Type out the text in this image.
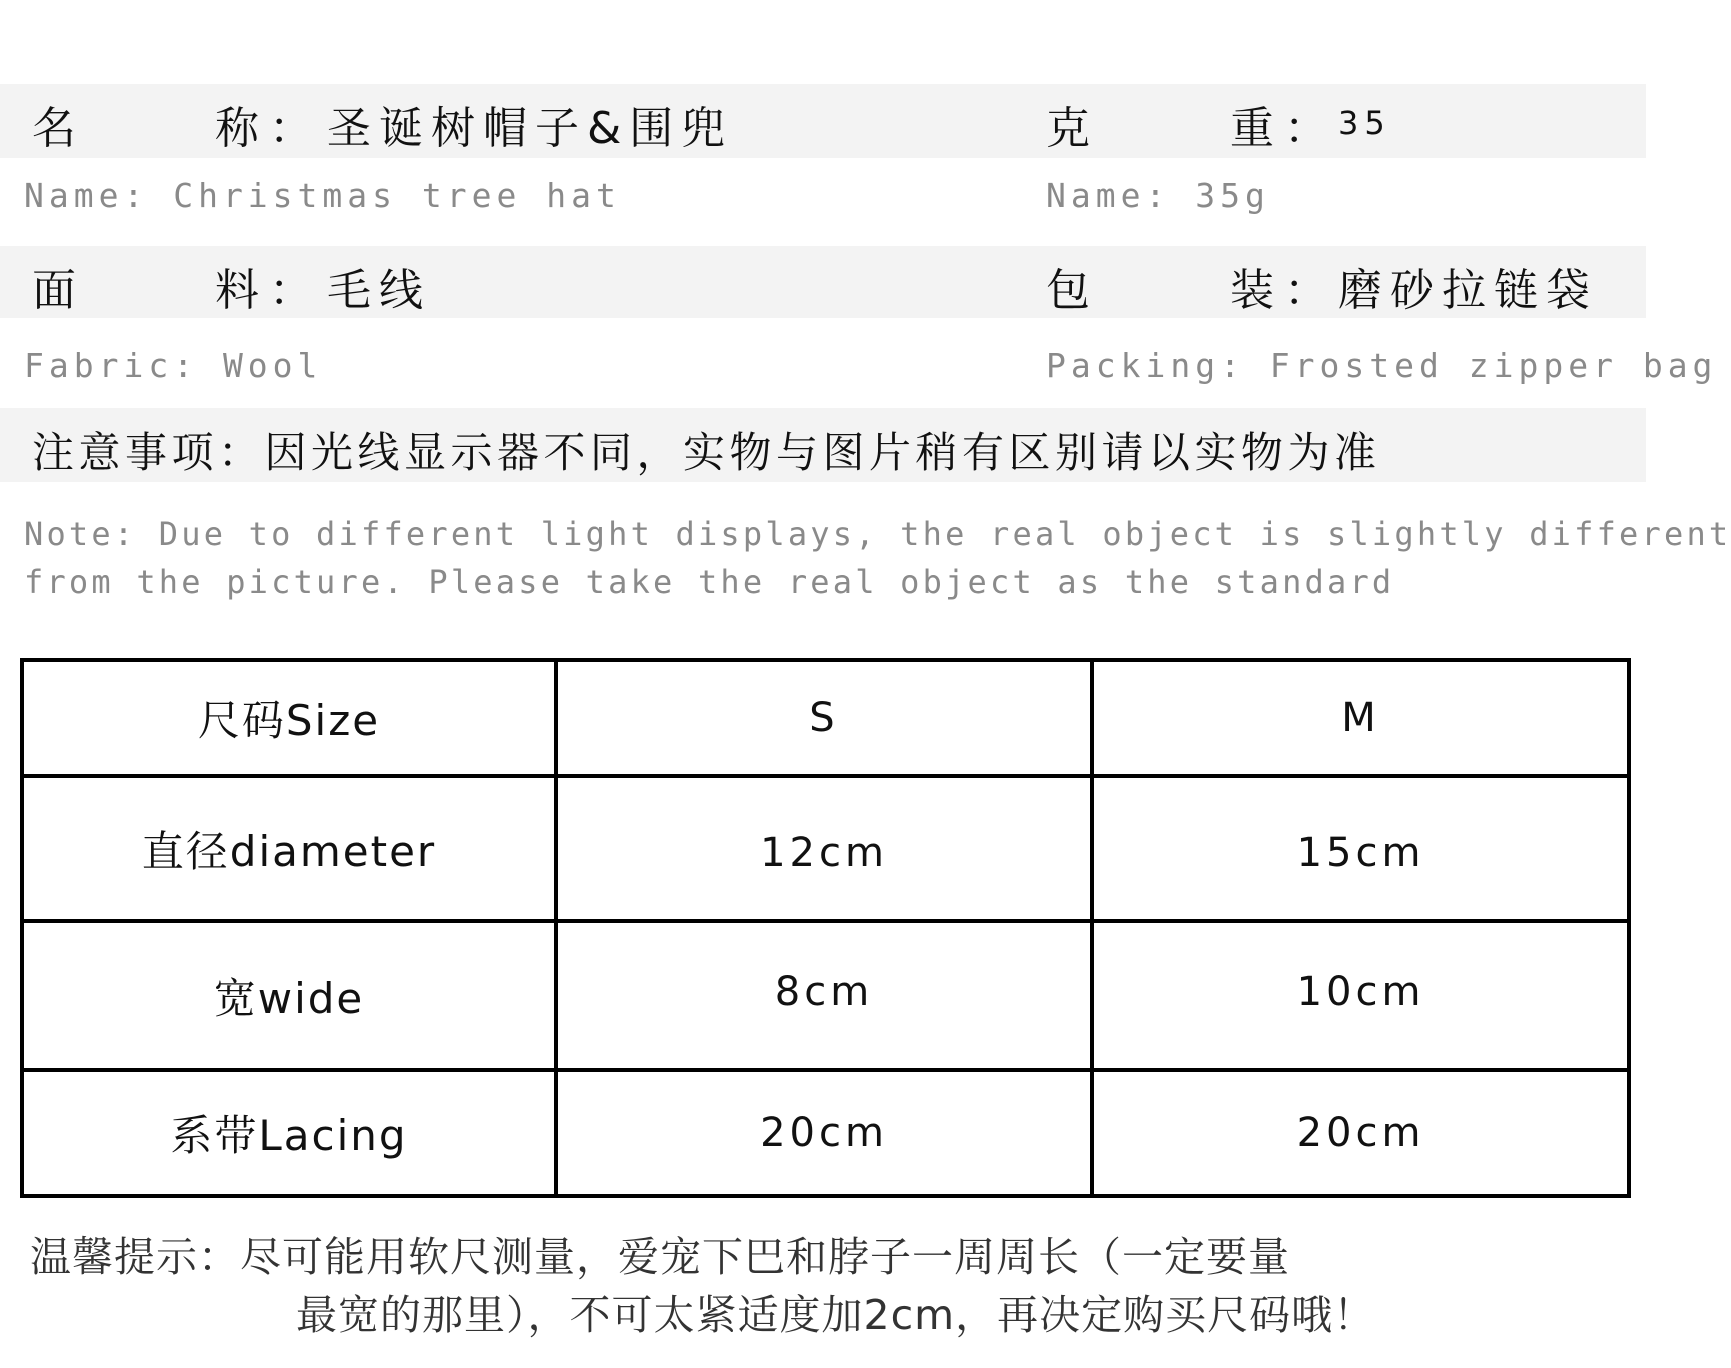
名	称： 圣诞树帽子&围兜	克	重： 35
Name: Christmas tree hat	Name: 35g
面	料： 毛线	包	装： 磨砂拉链袋
Fabric: Wool	Packing: Frosted zipper bag
注意事项：因光线显示器不同，实物与图片稍有区别请以实物为准
Note: Due to different light displays, the real object is slightly different
from the picture. Please take the real object as the standard
尺码Size	S	M
直径diameter	12cm	15cm
宽wide	8cm	10cm
系带Lacing	20cm	20cm
温馨提示：尽可能用软尺测量，爱宠下巴和脖子一周周长（一定要量
最宽的那里），不可太紧适度加2cm，再决定购买尺码哦！
